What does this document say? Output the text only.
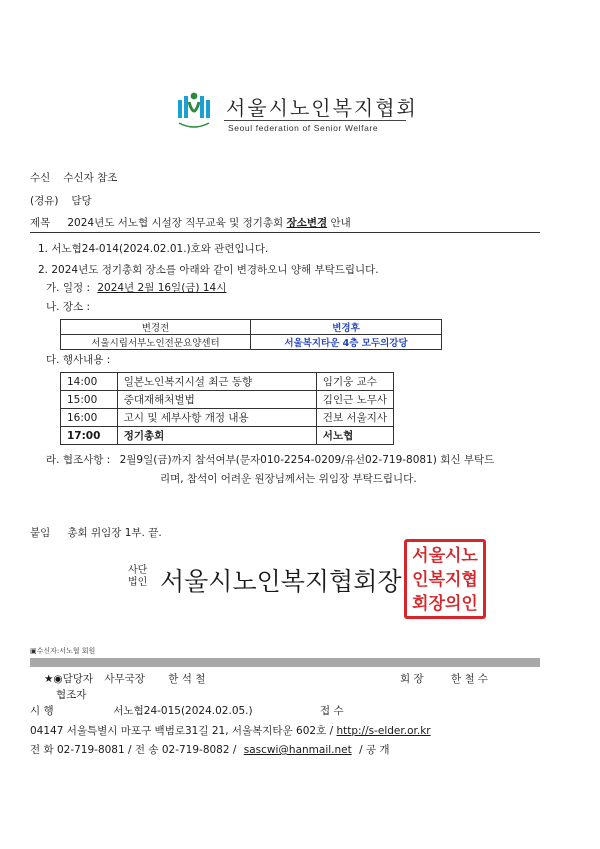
서울시노인복지협회
Seoul federation of Senior Welfare
수신 수신자 참조
(경유) 담당
제목 2024년도 서노협 시설장 직무교육 및 정기총회 장소변경 안내
1. 서노협24-014(2024.02.01.)호와 관련입니다.
2. 2024년도 정기총회 장소를 아래와 같이 변경하오니 양해 부탁드립니다.
가. 일정 : 2024년 2월 16일(금) 14시
나. 장소 :
변경전	변경후
서울시립서부노인전문요양센터	서울복지타운 4층 모두의강당
다. 행사내용 :
14:00	일본노인복지시설 최근 동향	임기웅 교수
15:00	중대재해처벌법	김인근 노무사
16:00	고시 및 세부사항 개정 내용	건보 서울지사
17:00	정기총회	서노협
라. 협조사항 : 2월9일(금)까지 참석여부(문자010-2254-0209/유선02-719-8081) 회신 부탁드
리며, 참석이 어려운 원장님께서는 위임장 부탁드립니다.
붙임 총회 위임장 1부. 끝.
사단
법인 서울시노인복지협회장
서울시노
인복지협
회장의인
▣수신자:서노협 회원
★◉담당자 사무국장 한 석 철	회 장	한 철 수
협조자
시 행	서노협24-015(2024.02.05.)	접 수
04147 서울특별시 마포구 백범로31길 21, 서울복지타운 602호 / http://s-elder.or.kr
전 화 02-719-8081 / 전 송 02-719-8082 / sascwi@hanmail.net / 공 개
